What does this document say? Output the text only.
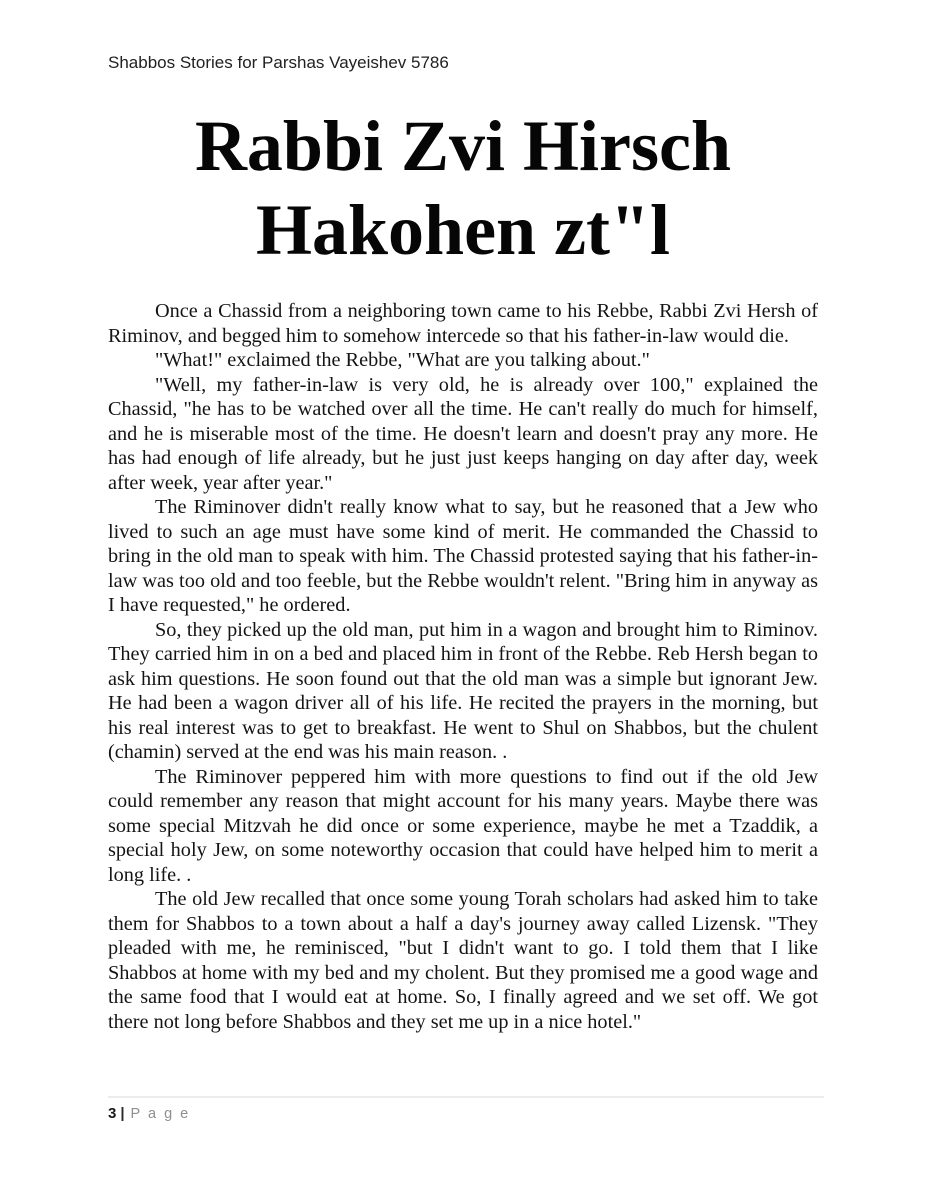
Shabbos Stories for Parshas Vayeishev 5786
Rabbi Zvi Hirsch
Hakohen zt"l

Once a Chassid from a neighboring town came to his Rebbe, Rabbi Zvi Hersh of Riminov, and begged him to somehow intercede so that his father-in-law would die.

"What!" exclaimed the Rebbe, "What are you talking about."

"Well, my father-in-law is very old, he is already over 100," explained the Chassid, "he has to be watched over all the time. He can't really do much for himself, and he is miserable most of the time. He doesn't learn and doesn't pray any more. He has had enough of life already, but he just just keeps hanging on day after day, week after week, year after year."

The Riminover didn't really know what to say, but he reasoned that a Jew who lived to such an age must have some kind of merit. He commanded the Chassid to bring in the old man to speak with him. The Chassid protested saying that his father-in-law was too old and too feeble, but the Rebbe wouldn't relent. "Bring him in anyway as I have requested," he ordered.

So, they picked up the old man, put him in a wagon and brought him to Riminov. They carried him in on a bed and placed him in front of the Rebbe. Reb Hersh began to ask him questions. He soon found out that the old man was a simple but ignorant Jew. He had been a wagon driver all of his life. He recited the prayers in the morning, but his real interest was to get to breakfast. He went to Shul on Shabbos, but the chulent (chamin) served at the end was his main reason. .

The Riminover peppered him with more questions to find out if the old Jew could remember any reason that might account for his many years. Maybe there was some special Mitzvah he did once or some experience, maybe he met a Tzaddik, a special holy Jew, on some noteworthy occasion that could have helped him to merit a long life. .

The old Jew recalled that once some young Torah scholars had asked him to take them for Shabbos to a town about a half a day's journey away called Lizensk. "They pleaded with me, he reminisced, "but I didn't want to go. I told them that I like Shabbos at home with my bed and my cholent. But they promised me a good wage and the same food that I would eat at home. So, I finally agreed and we set off. We got there not long before Shabbos and they set me up in a nice hotel."

3 | P a g e
